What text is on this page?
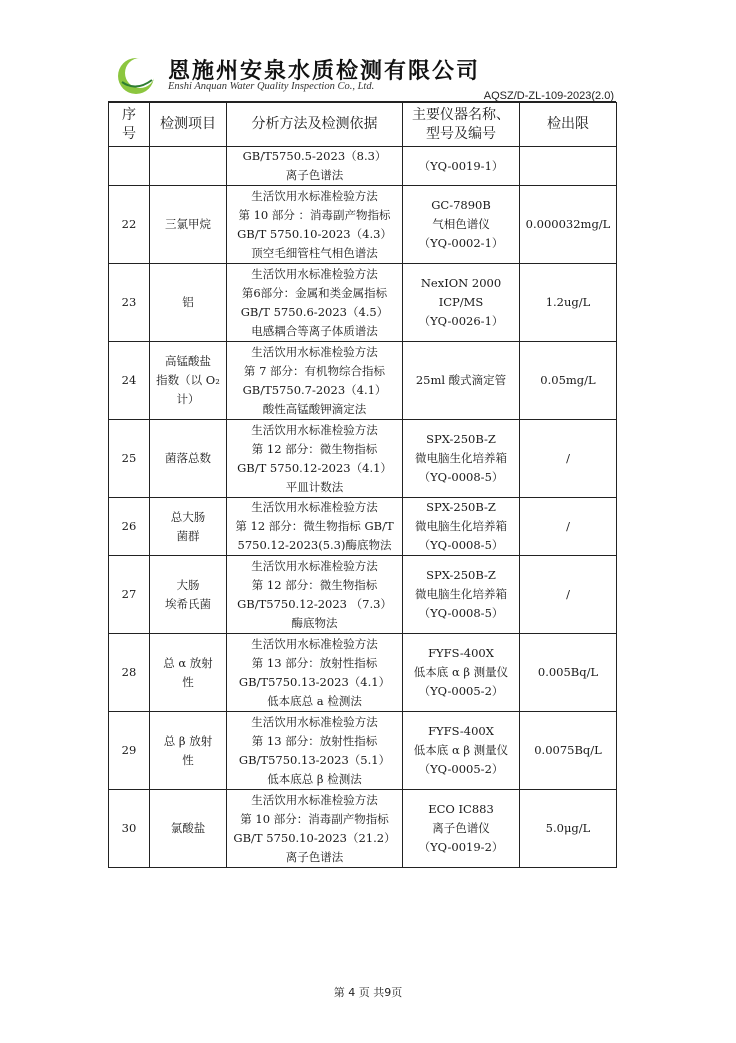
恩施州安泉水质检测有限公司
Enshi Anquan Water Quality Inspection Co., Ltd.
AQSZ/D-ZL-109-2023(2.0)
序
号	检测项目	分析方法及检测依据	主要仪器名称、
型号及编号	检出限

		GB/T5750.5-2023（8.3）
离子色谱法	（YQ-0019-1）	

22	三氯甲烷	生活饮用水标准检验方法
第 10 部分 ：消毒副产物指标
GB/T 5750.10-2023（4.3）
顶空毛细管柱气相色谱法	GC-7890B
气相色谱仪
（YQ-0002-1）	0.000032mg/L

23	铝	生活饮用水标准检验方法
第6部分：金属和类金属指标
GB/T 5750.6-2023（4.5）
电感耦合等离子体质谱法	NexION 2000
ICP/MS
（YQ-0026-1）	1.2ug/L

24	高锰酸盐
指数（以 O₂
计）	生活饮用水标准检验方法
第 7 部分：有机物综合指标
GB/T5750.7-2023（4.1）
酸性高锰酸钾滴定法	25ml 酸式滴定管	0.05mg/L

25	菌落总数	生活饮用水标准检验方法
第 12 部分：微生物指标
GB/T 5750.12-2023（4.1）
平皿计数法	SPX-250B-Z
微电脑生化培养箱
（YQ-0008-5）	/

26	总大肠
菌群	生活饮用水标准检验方法
第 12 部分：微生物指标 GB/T
5750.12-2023(5.3)酶底物法	SPX-250B-Z
微电脑生化培养箱
（YQ-0008-5）	/

27	大肠
埃希氏菌	生活饮用水标准检验方法
第 12 部分：微生物指标
GB/T5750.12-2023 （7.3）
酶底物法	SPX-250B-Z
微电脑生化培养箱
（YQ-0008-5）	/

28	总 α 放射
性	生活饮用水标准检验方法
第 13 部分：放射性指标
GB/T5750.13-2023（4.1）
低本底总 a 检测法	FYFS-400X
低本底 α β 测量仪
（YQ-0005-2）	0.005Bq/L

29	总 β 放射
性	生活饮用水标准检验方法
第 13 部分：放射性指标
GB/T5750.13-2023（5.1）
低本底总 β 检测法	FYFS-400X
低本底 α β 测量仪
（YQ-0005-2）	0.0075Bq/L

30	氯酸盐	生活饮用水标准检验方法
第 10 部分：消毒副产物指标
GB/T 5750.10-2023（21.2）
离子色谱法	ECO IC883
离子色谱仪
（YQ-0019-2）	5.0μg/L
第 4 页 共9页
